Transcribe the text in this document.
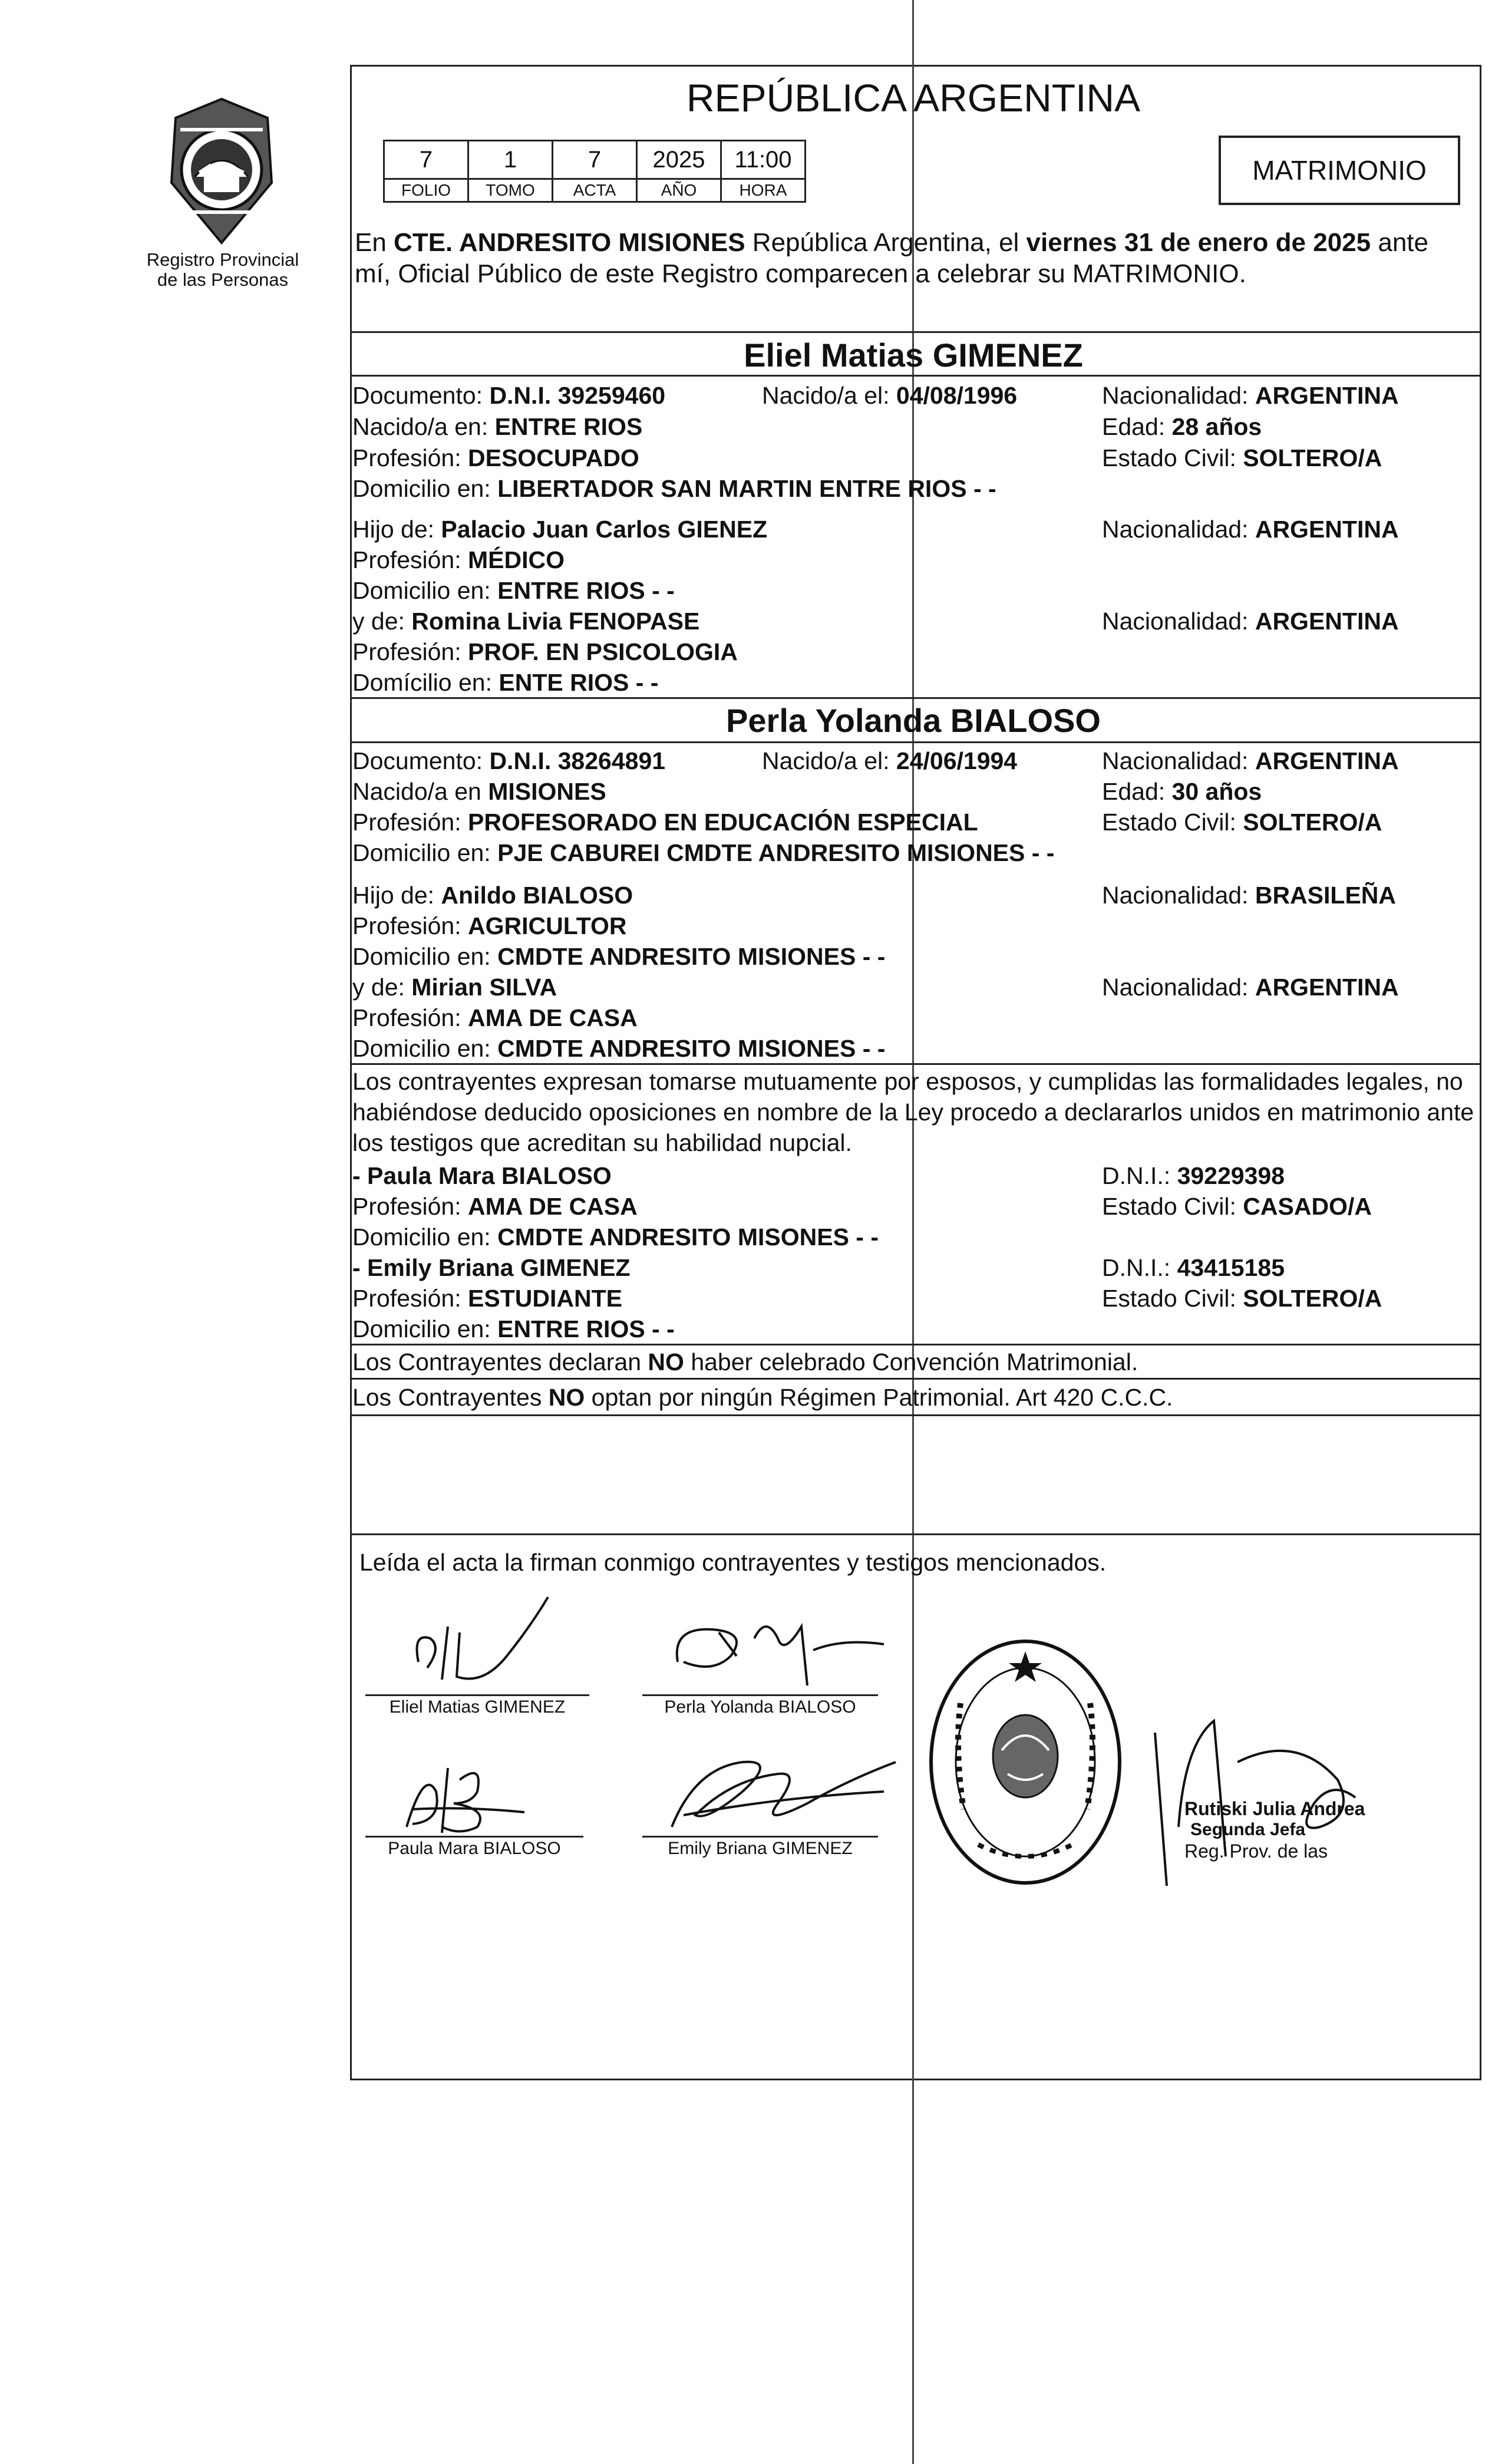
Registro Provincial
de las Personas
REPÚBLICA ARGENTINA
7	1	7	2025	11:00
FOLIO	TOMO	ACTA	AÑO	HORA
MATRIMONIO
En CTE. ANDRESITO MISIONES República Argentina, el viernes 31 de enero de 2025 ante
mí, Oficial Público de este Registro comparecen a celebrar su MATRIMONIO.
Eliel Matias GIMENEZ
Documento: D.N.I. 39259460	Nacido/a el: 04/08/1996	Nacionalidad: ARGENTINA
Nacido/a en: ENTRE RIOS	Edad: 28 años
Profesión: DESOCUPADO	Estado Civil: SOLTERO/A
Domicilio en: LIBERTADOR SAN MARTIN ENTRE RIOS - -
Hijo de: Palacio Juan Carlos GIENEZ	Nacionalidad: ARGENTINA
Profesión: MÉDICO
Domicilio en: ENTRE RIOS - -
y de: Romina Livia FENOPASE	Nacionalidad: ARGENTINA
Profesión: PROF. EN PSICOLOGIA
Domícilio en: ENTE RIOS - -
Perla Yolanda BIALOSO
Documento: D.N.I. 38264891	Nacido/a el: 24/06/1994	Nacionalidad: ARGENTINA
Nacido/a en MISIONES	Edad: 30 años
Profesión: PROFESORADO EN EDUCACIÓN ESPECIAL	Estado Civil: SOLTERO/A
Domicilio en: PJE CABUREI CMDTE ANDRESITO MISIONES - -
Hijo de: Anildo BIALOSO	Nacionalidad: BRASILEÑA
Profesión: AGRICULTOR
Domicilio en: CMDTE ANDRESITO MISIONES - -
y de: Mirian SILVA	Nacionalidad: ARGENTINA
Profesión: AMA DE CASA
Domicilio en: CMDTE ANDRESITO MISIONES - -
Los contrayentes expresan tomarse mutuamente por esposos, y cumplidas las formalidades legales, no
habiéndose deducido oposiciones en nombre de la Ley procedo a declararlos unidos en matrimonio ante
los testigos que acreditan su habilidad nupcial.
- Paula Mara BIALOSO	D.N.I.: 39229398
Profesión: AMA DE CASA	Estado Civil: CASADO/A
Domicilio en: CMDTE ANDRESITO MISONES - -
- Emily Briana GIMENEZ	D.N.I.: 43415185
Profesión: ESTUDIANTE	Estado Civil: SOLTERO/A
Domicilio en: ENTRE RIOS - -
Los Contrayentes declaran NO haber celebrado Convención Matrimonial.
Los Contrayentes NO optan por ningún Régimen Patrimonial. Art 420 C.C.C.
Leída el acta la firman conmigo contrayentes y testigos mencionados.
Eliel Matias GIMENEZ	Perla Yolanda BIALOSO
Paula Mara BIALOSO	Emily Briana GIMENEZ
Rutiski Julia Andrea
Segunda Jefa
Reg. Prov. de las
